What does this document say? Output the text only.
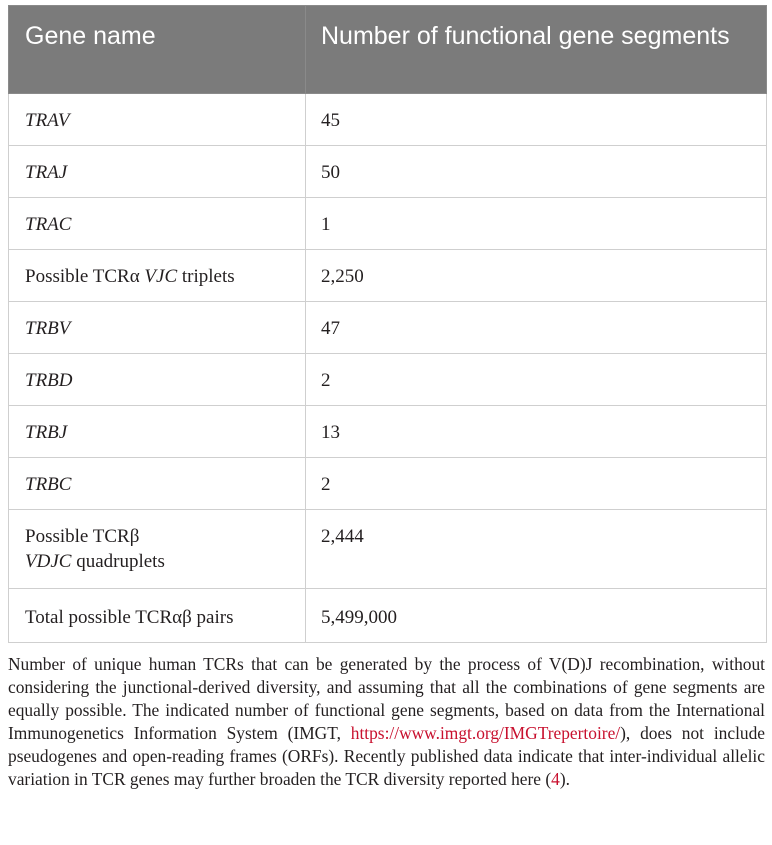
Gene name	Number of functional gene segments
TRAV	45
TRAJ	50
TRAC	1
Possible TCRα VJC triplets	2,250
TRBV	47
TRBD	2
TRBJ	13
TRBC	2
Possible TCRβ
VDJC quadruplets	2,444
Total possible TCRαβ pairs	5,499,000

Number of unique human TCRs that can be generated by the process of V(D)J recombination, without considering the junctional-derived diversity, and assuming that all the combinations of gene segments are equally possible. The indicated number of functional gene segments, based on data from the International Immunogenetics Information System (IMGT, https://www.imgt.org/IMGTrepertoire/), does not include pseudogenes and open-reading frames (ORFs). Recently published data indicate that inter-individual allelic variation in TCR genes may further broaden the TCR diversity reported here (4).
